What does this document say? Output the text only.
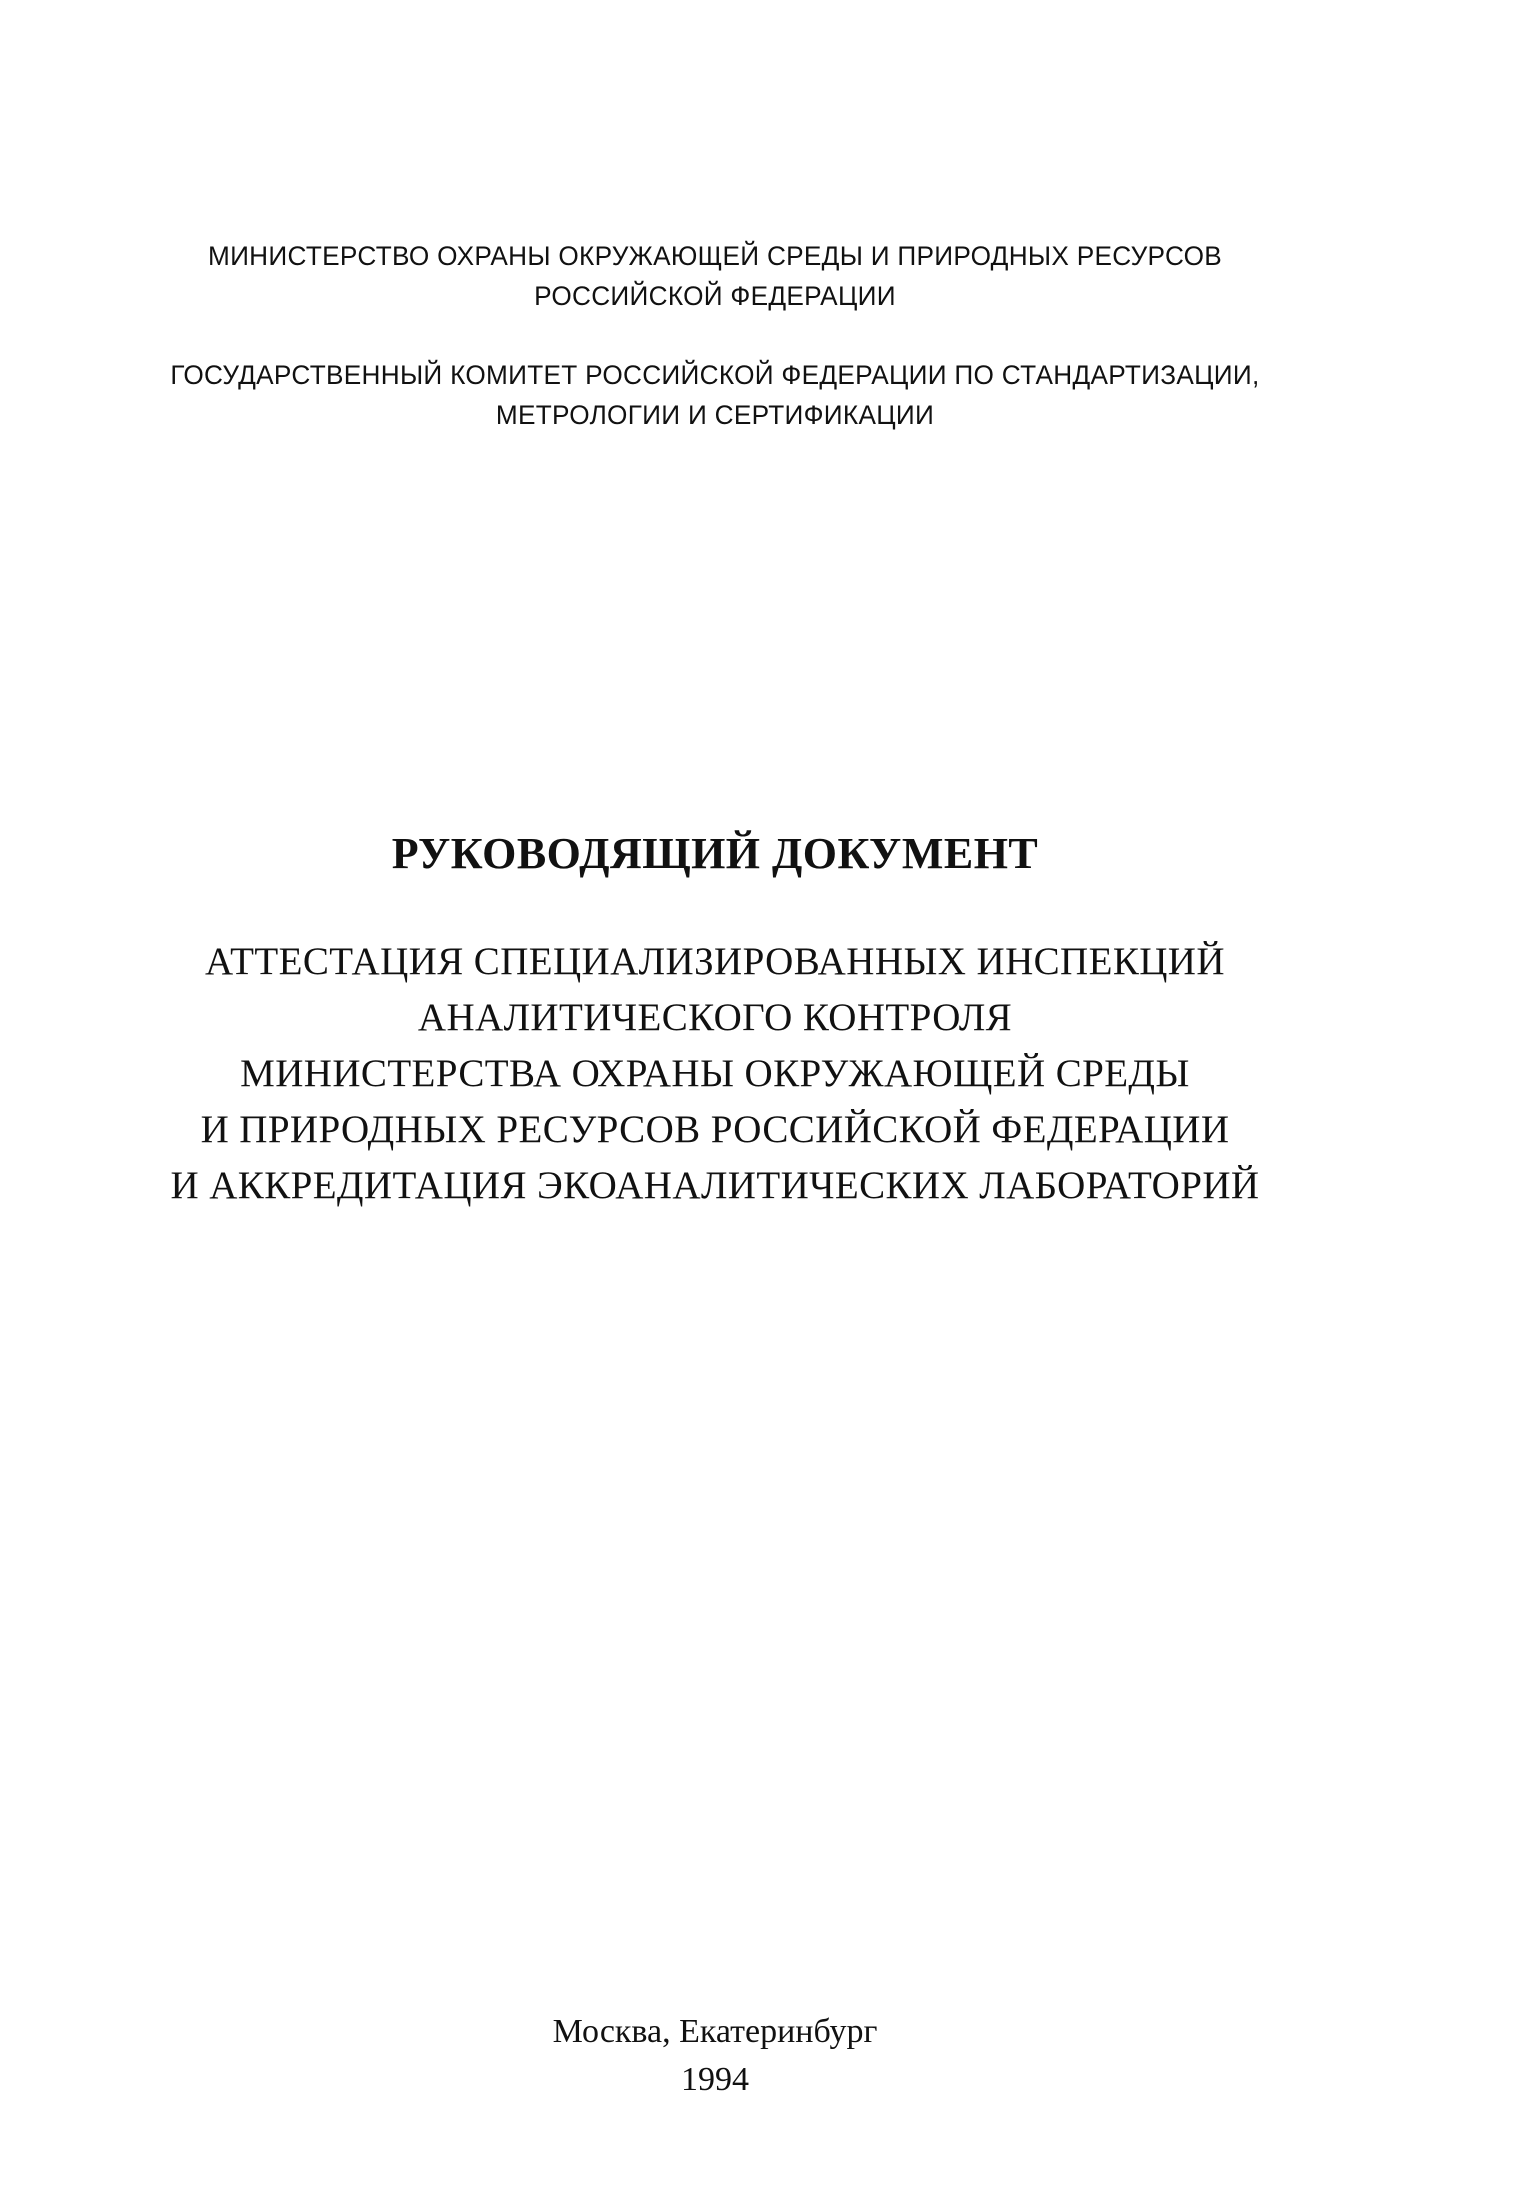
МИНИСТЕРСТВО ОХРАНЫ ОКРУЖАЮЩЕЙ СРЕДЫ И ПРИРОДНЫХ РЕСУРСОВ
РОССИЙСКОЙ ФЕДЕРАЦИИ
ГОСУДАРСТВЕННЫЙ КОМИТЕТ РОССИЙСКОЙ ФЕДЕРАЦИИ ПО СТАНДАРТИЗАЦИИ,
МЕТРОЛОГИИ И СЕРТИФИКАЦИИ
РУКОВОДЯЩИЙ ДОКУМЕНТ
АТТЕСТАЦИЯ СПЕЦИАЛИЗИРОВАННЫХ ИНСПЕКЦИЙ
АНАЛИТИЧЕСКОГО КОНТРОЛЯ
МИНИСТЕРСТВА ОХРАНЫ ОКРУЖАЮЩЕЙ СРЕДЫ
И ПРИРОДНЫХ РЕСУРСОВ РОССИЙСКОЙ ФЕДЕРАЦИИ
И АККРЕДИТАЦИЯ ЭКОАНАЛИТИЧЕСКИХ ЛАБОРАТОРИЙ
Москва, Екатеринбург
1994
